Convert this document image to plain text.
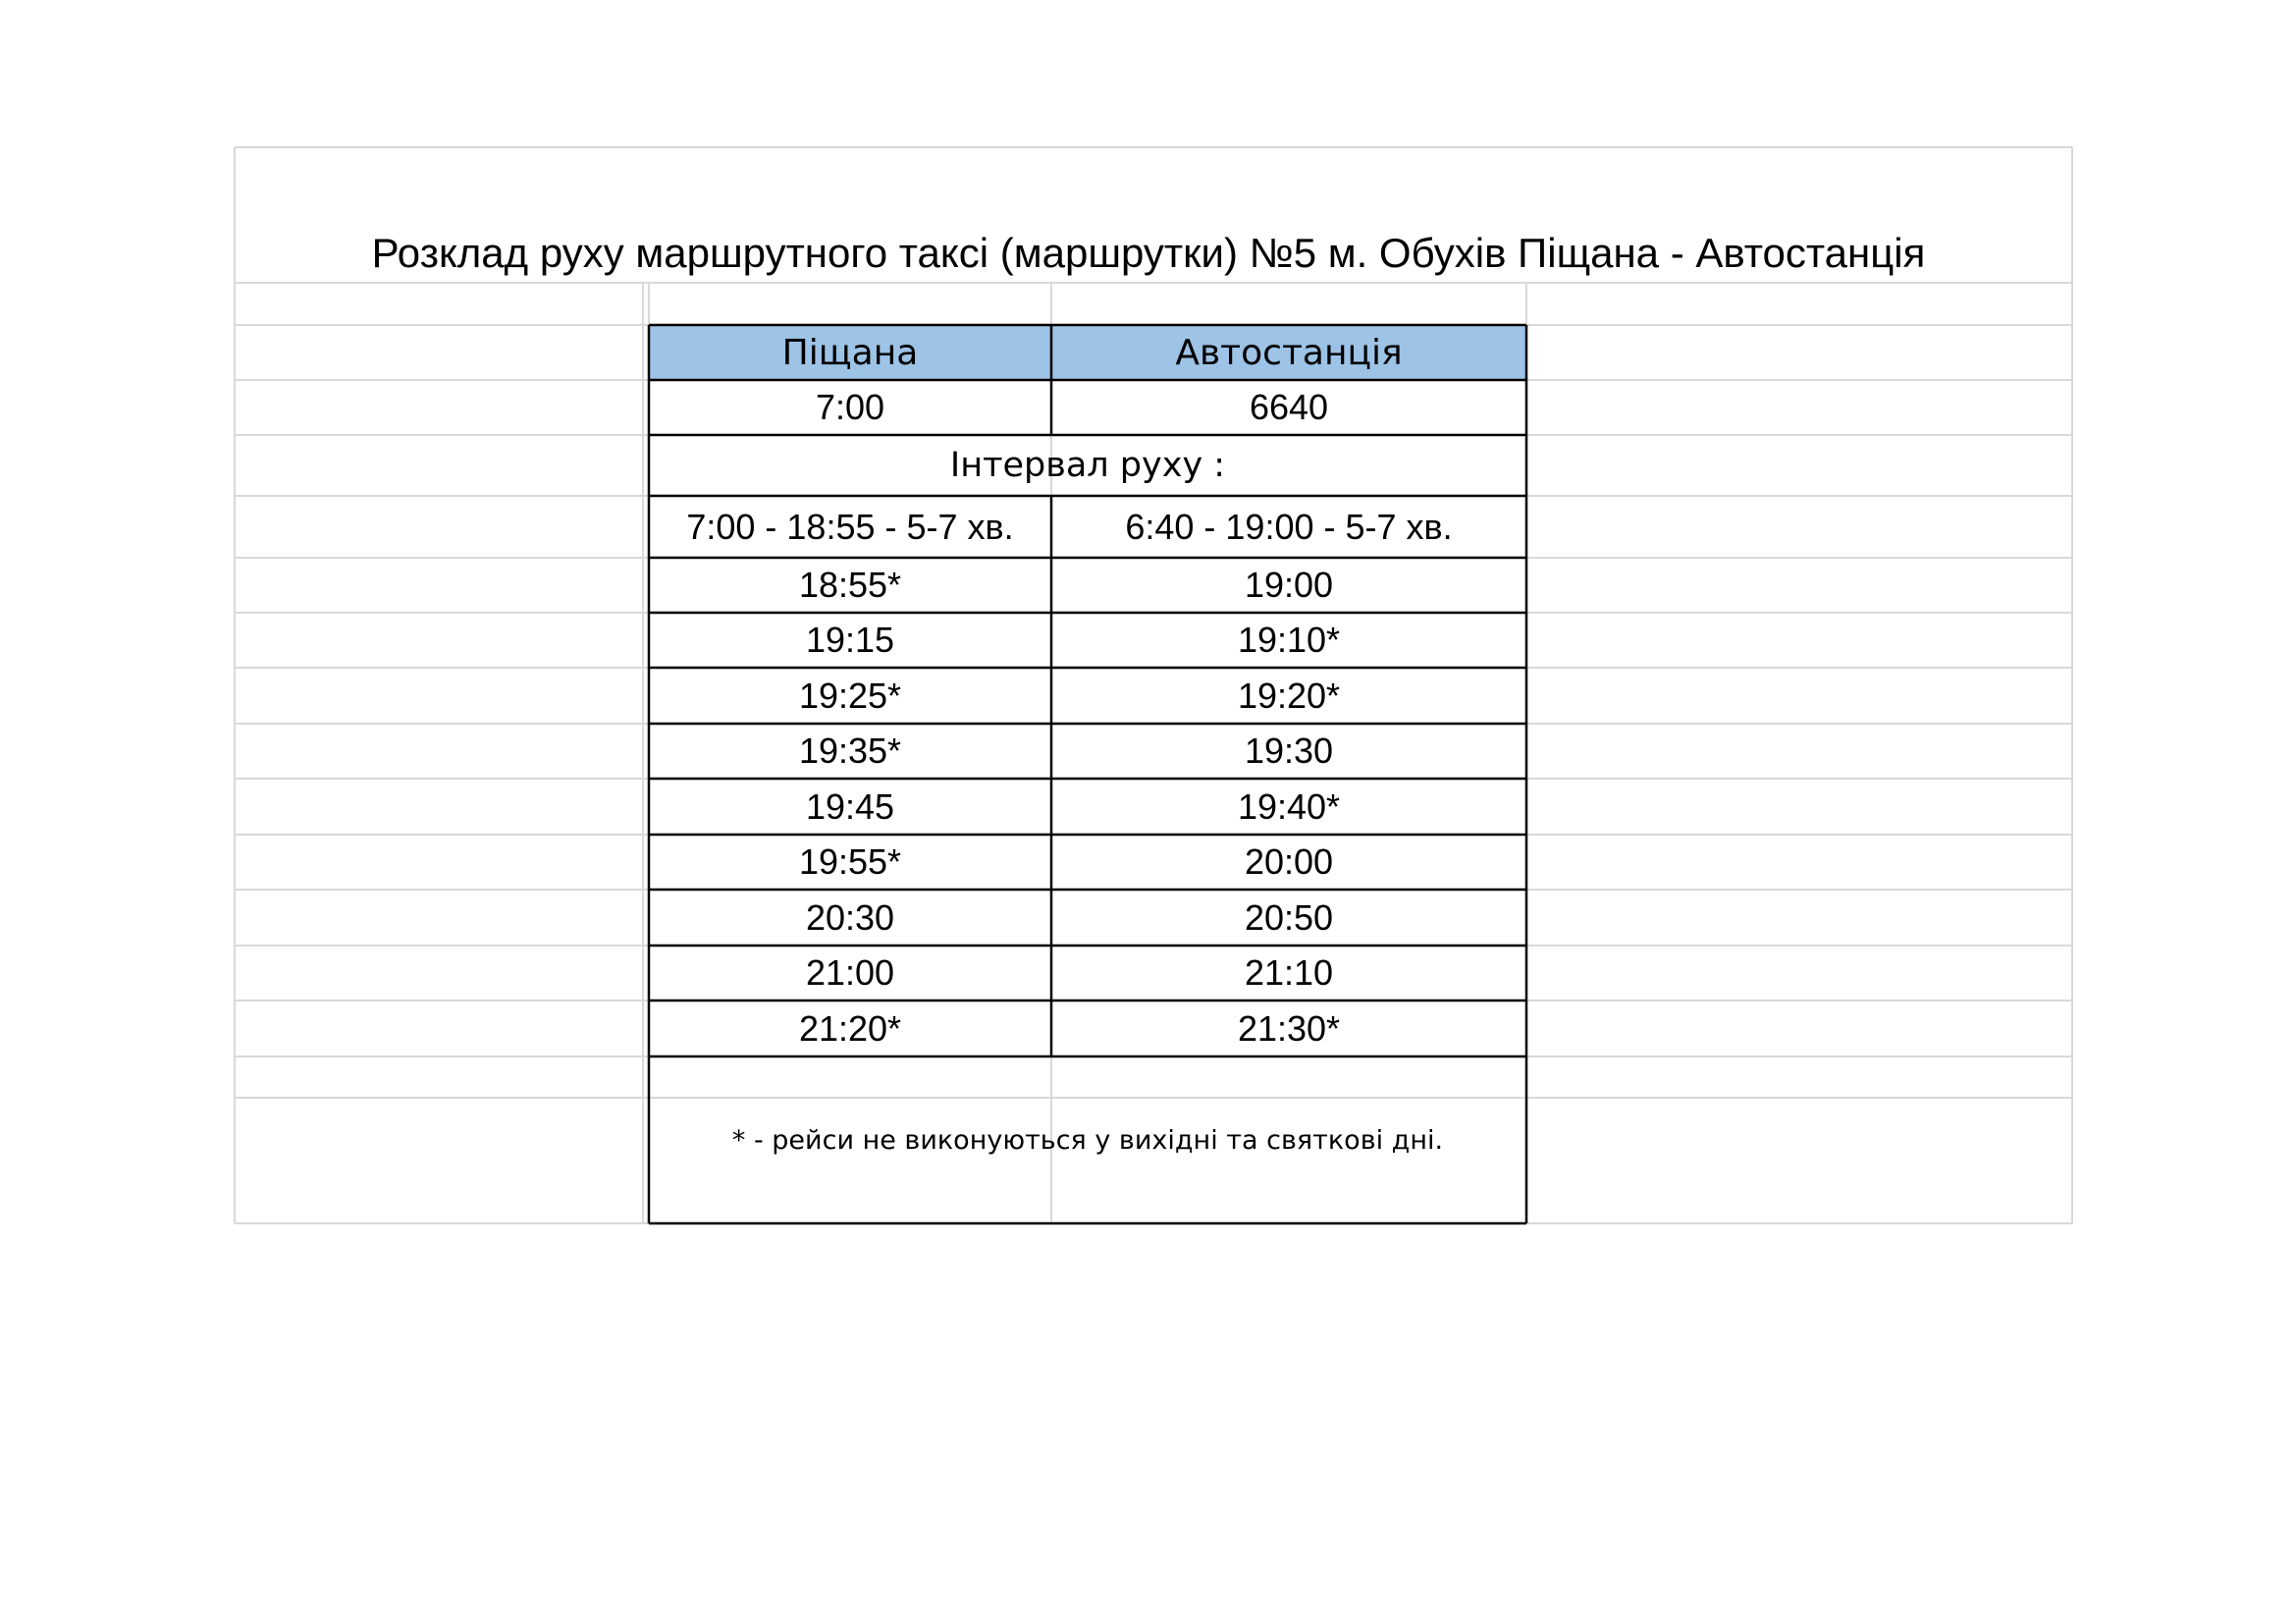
Розклад руху маршрутного таксі (маршрутки) №5 м. Обухів Піщана - Автостанція
Піщана	Автостанція
7:00	6640
Інтервал руху :
7:00 - 18:55 - 5-7 хв.	6:40 - 19:00 - 5-7 хв.
18:55*	19:00
19:15	19:10*
19:25*	19:20*
19:35*	19:30
19:45	19:40*
19:55*	20:00
20:30	20:50
21:00	21:10
21:20*	21:30*
* - рейси не виконуються у вихідні та святкові дні.
